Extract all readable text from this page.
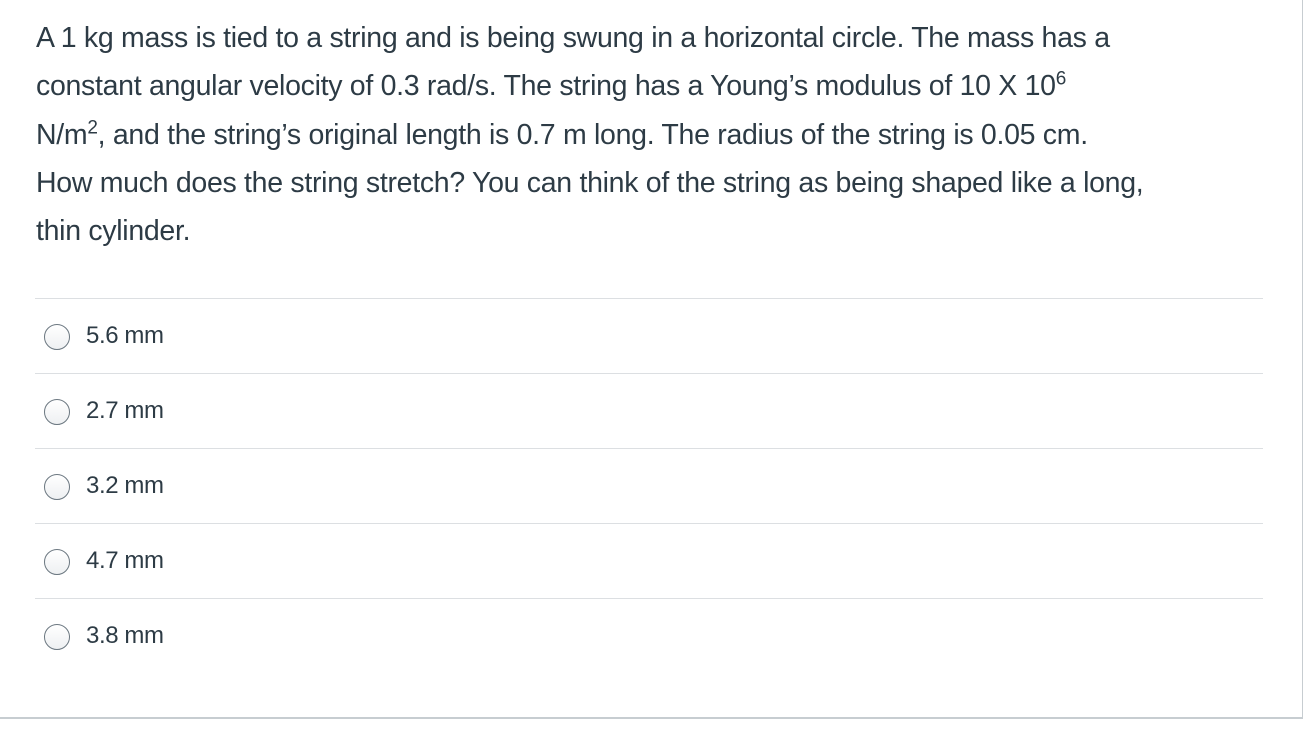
A 1 kg mass is tied to a string and is being swung in a horizontal circle. The mass has a
constant angular velocity of 0.3 rad/s. The string has a Young’s modulus of 10 X $10^6$
$N/m^2$, and the string’s original length is 0.7 m long. The radius of the string is 0.05 cm.
How much does the string stretch? You can think of the string as being shaped like a long,
thin cylinder.

5.6 mm
2.7 mm
3.2 mm
4.7 mm
3.8 mm
